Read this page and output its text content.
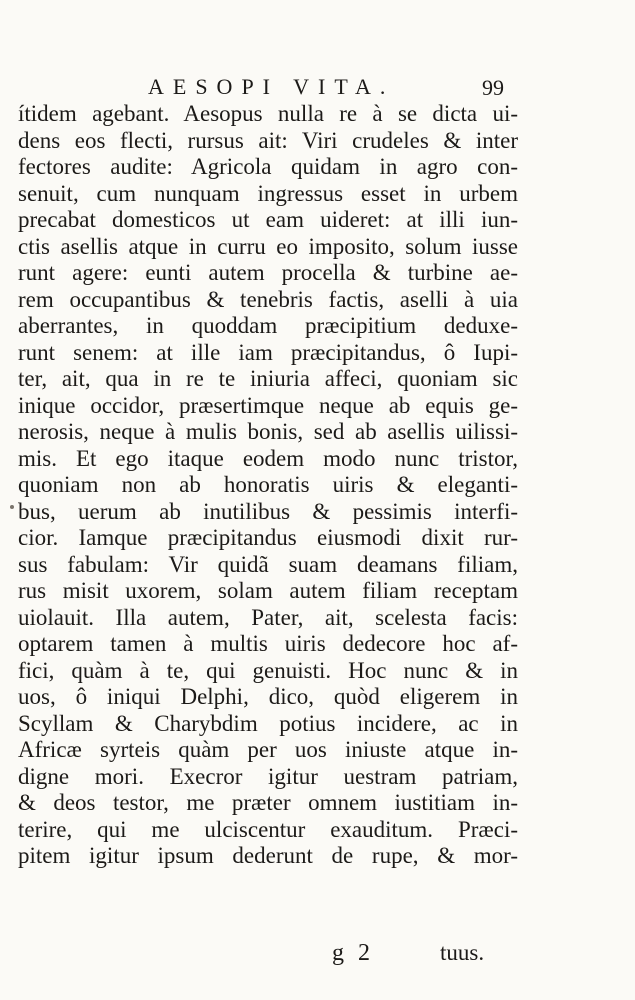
AESOPI VITA.	99
ítidem agebant. Aesopus nulla re à se dicta ui-
dens eos flecti, rursus ait: Viri crudeles & inter
fectores audite: Agricola quidam in agro con-
senuit, cum nunquam ingressus esset in urbem
precabat domesticos ut eam uideret: at illi iun-
ctis asellis atque in curru eo imposito, solum iusse
runt agere: eunti autem procella & turbine ae-
rem occupantibus & tenebris factis, aselli à uia
aberrantes, in quoddam præcipitium deduxe-
runt senem: at ille iam præcipitandus, ô Iupi-
ter, ait, qua in re te iniuria affeci, quoniam sic
inique occidor, præsertimque neque ab equis ge-
nerosis, neque à mulis bonis, sed ab asellis uilissi-
mis. Et ego itaque eodem modo nunc tristor,
quoniam non ab honoratis uiris & eleganti-
bus, uerum ab inutilibus & pessimis interfi-
cior. Iamque præcipitandus eiusmodi dixit rur-
sus fabulam: Vir quidã suam deamans filiam,
rus misit uxorem, solam autem filiam receptam
uiolauit. Illa autem, Pater, ait, scelesta facis:
optarem tamen à multis uiris dedecore hoc af-
fici, quàm à te, qui genuisti. Hoc nunc & in
uos, ô iniqui Delphi, dico, quòd eligerem in
Scyllam & Charybdim potius incidere, ac in
Africæ syrteis quàm per uos iniuste atque in-
digne mori. Execror igitur uestram patriam,
& deos testor, me præter omnem iustitiam in-
terire, qui me ulciscentur exauditum. Præci-
pitem igitur ipsum dederunt de rupe, & mor-
g 2	tuus.
